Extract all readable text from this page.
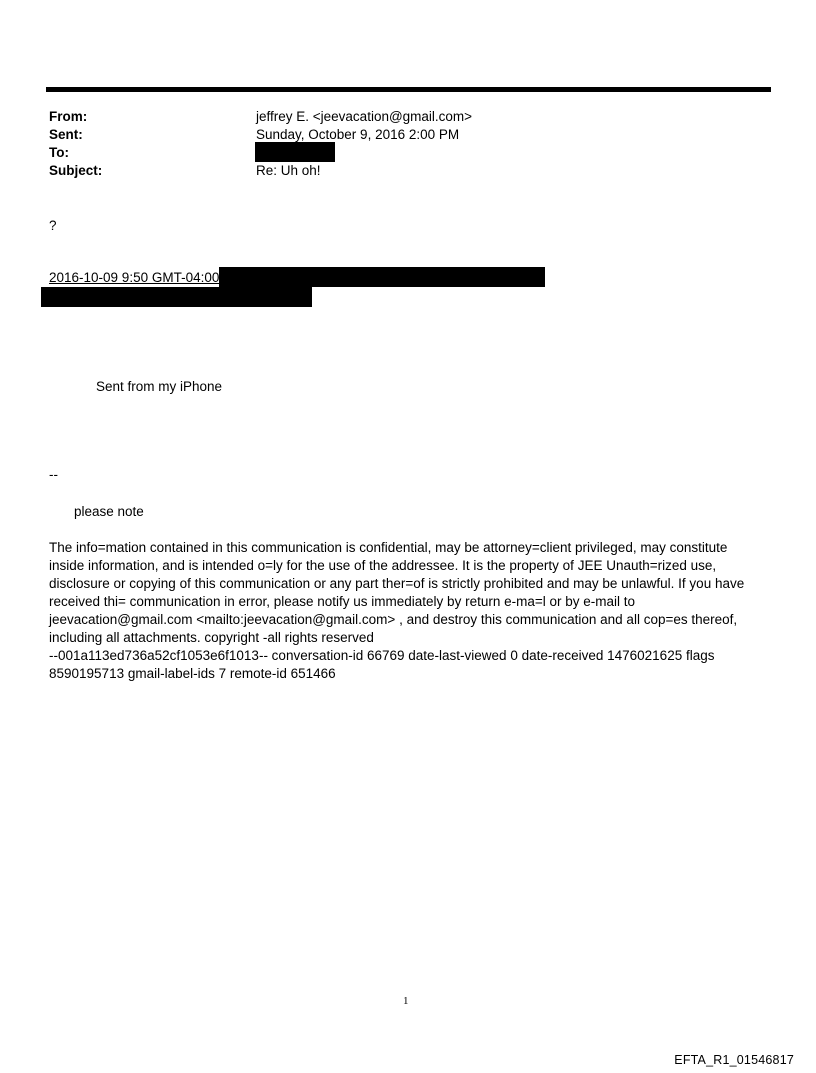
From:	jeffrey E. <jeevacation@gmail.com>
Sent:	Sunday, October 9, 2016 2:00 PM
To:
Subject:	Re: Uh oh!
?
2016-10-09 9:50 GMT-04:00
Sent from my iPhone
--
please note
The info=mation contained in this communication is confidential, may be attorney=client privileged, may constitute
inside information, and is intended o=ly for the use of the addressee. It is the property of JEE Unauth=rized use,
disclosure or copying of this communication or any part ther=of is strictly prohibited and may be unlawful. If you have
received thi= communication in error, please notify us immediately by return e-ma=l or by e-mail to
jeevacation@gmail.com <mailto:jeevacation@gmail.com> , and destroy this communication and all cop=es thereof,
including all attachments. copyright -all rights reserved
--001a113ed736a52cf1053e6f1013-- conversation-id 66769 date-last-viewed 0 date-received 1476021625 flags
8590195713 gmail-label-ids 7 remote-id 651466
1
EFTA_R1_01546817
